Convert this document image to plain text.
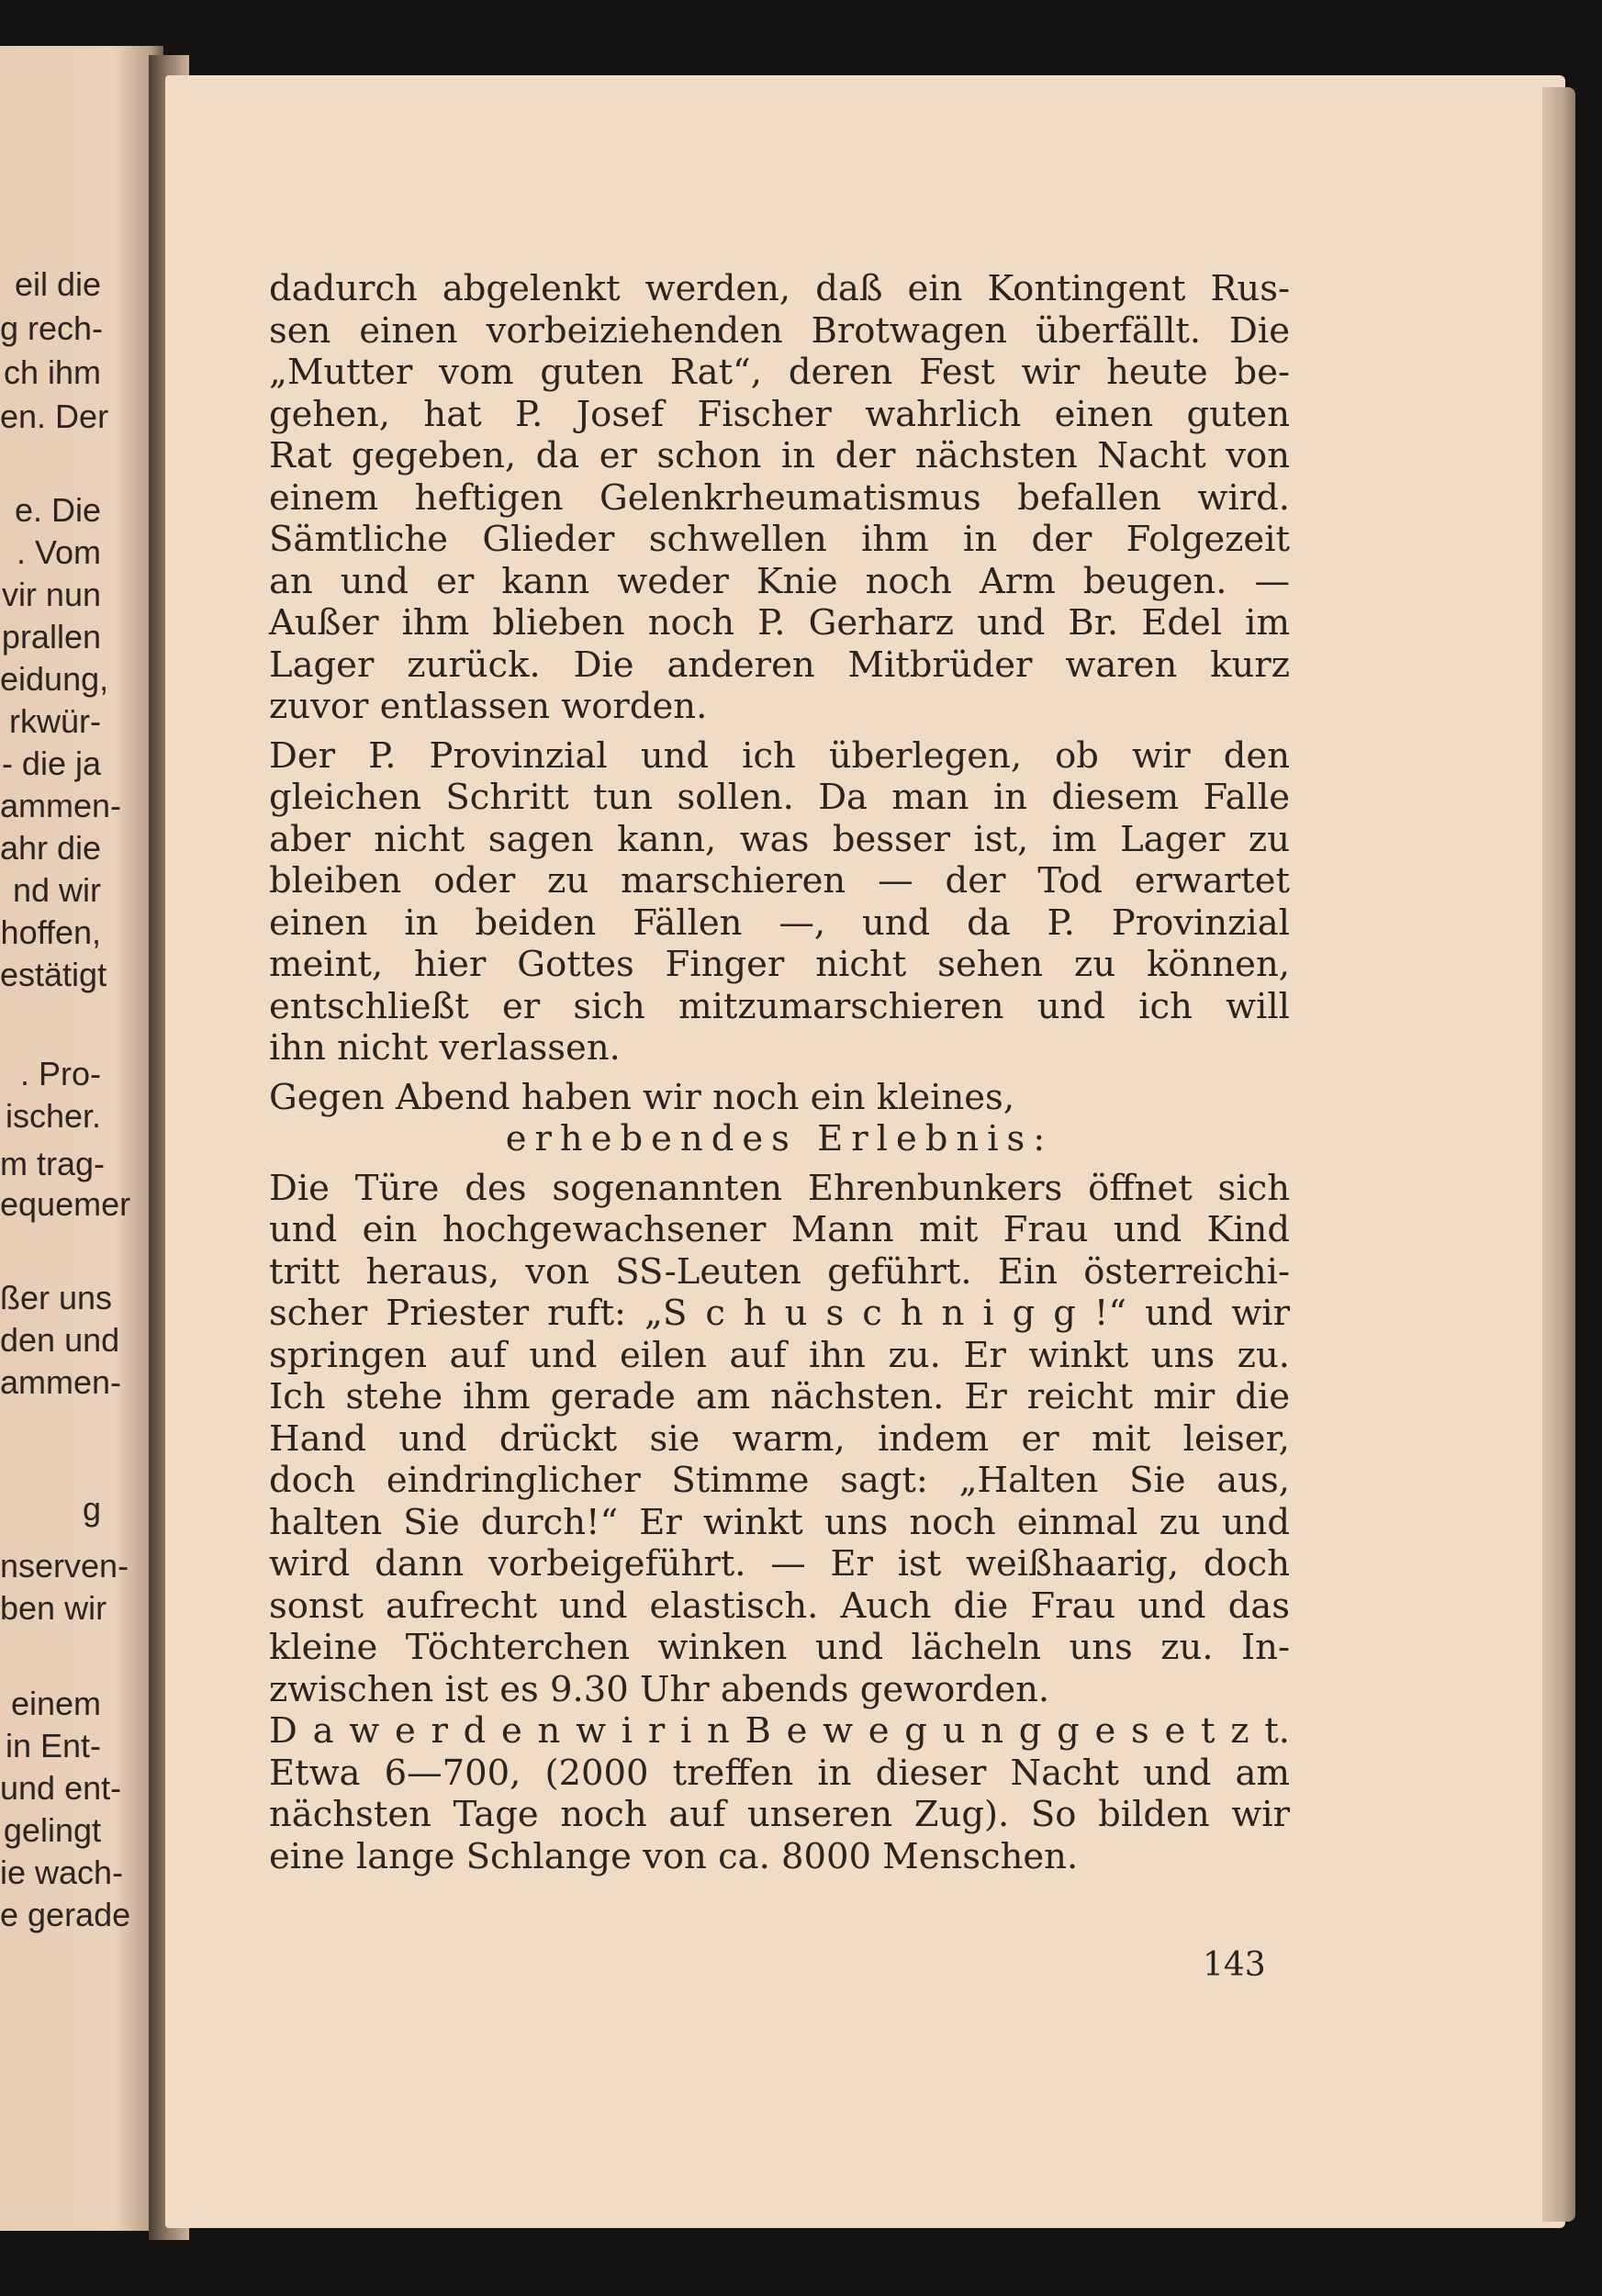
eil die
g rech-
ch ihm
en. Der
e. Die
. Vom
vir nun
prallen
eidung,
rkwür-
- die ja
ammen-
ahr die
nd wir
hoffen,
estätigt
. Pro-
ischer.
m trag-
equemer
ßer uns
den und
ammen-
g
nserven-
ben wir
einem
in Ent-
und ent-
gelingt
ie wach-
e gerade
dadurch abgelenkt werden, daß ein Kontingent Rus-
sen einen vorbeiziehenden Brotwagen überfällt. Die
„Mutter vom guten Rat“, deren Fest wir heute be-
gehen, hat P. Josef Fischer wahrlich einen guten
Rat gegeben, da er schon in der nächsten Nacht von
einem heftigen Gelenkrheumatismus befallen wird.
Sämtliche Glieder schwellen ihm in der Folgezeit
an und er kann weder Knie noch Arm beugen. —
Außer ihm blieben noch P. Gerharz und Br. Edel im
Lager zurück. Die anderen Mitbrüder waren kurz
zuvor entlassen worden.
Der P. Provinzial und ich überlegen, ob wir den
gleichen Schritt tun sollen. Da man in diesem Falle
aber nicht sagen kann, was besser ist, im Lager zu
bleiben oder zu marschieren — der Tod erwartet
einen in beiden Fällen —, und da P. Provinzial
meint, hier Gottes Finger nicht sehen zu können,
entschließt er sich mitzumarschieren und ich will
ihn nicht verlassen.
Gegen Abend haben wir noch ein kleines,
erhebendes Erlebnis:
Die Türe des sogenannten Ehrenbunkers öffnet sich
und ein hochgewachsener Mann mit Frau und Kind
tritt heraus, von SS-Leuten geführt. Ein österreichi-
scher Priester ruft: „S c h u s c h n i g g !“ und wir
springen auf und eilen auf ihn zu. Er winkt uns zu.
Ich stehe ihm gerade am nächsten. Er reicht mir die
Hand und drückt sie warm, indem er mit leiser,
doch eindringlicher Stimme sagt: „Halten Sie aus,
halten Sie durch!“ Er winkt uns noch einmal zu und
wird dann vorbeigeführt. — Er ist weißhaarig, doch
sonst aufrecht und elastisch. Auch die Frau und das
kleine Töchterchen winken und lächeln uns zu. In-
zwischen ist es 9.30 Uhr abends geworden.
D a w e r d e n w i r i n B e w e g u n g g e s e t z t.
Etwa 6—700, (2000 treffen in dieser Nacht und am
nächsten Tage noch auf unseren Zug). So bilden wir
eine lange Schlange von ca. 8000 Menschen.
143
